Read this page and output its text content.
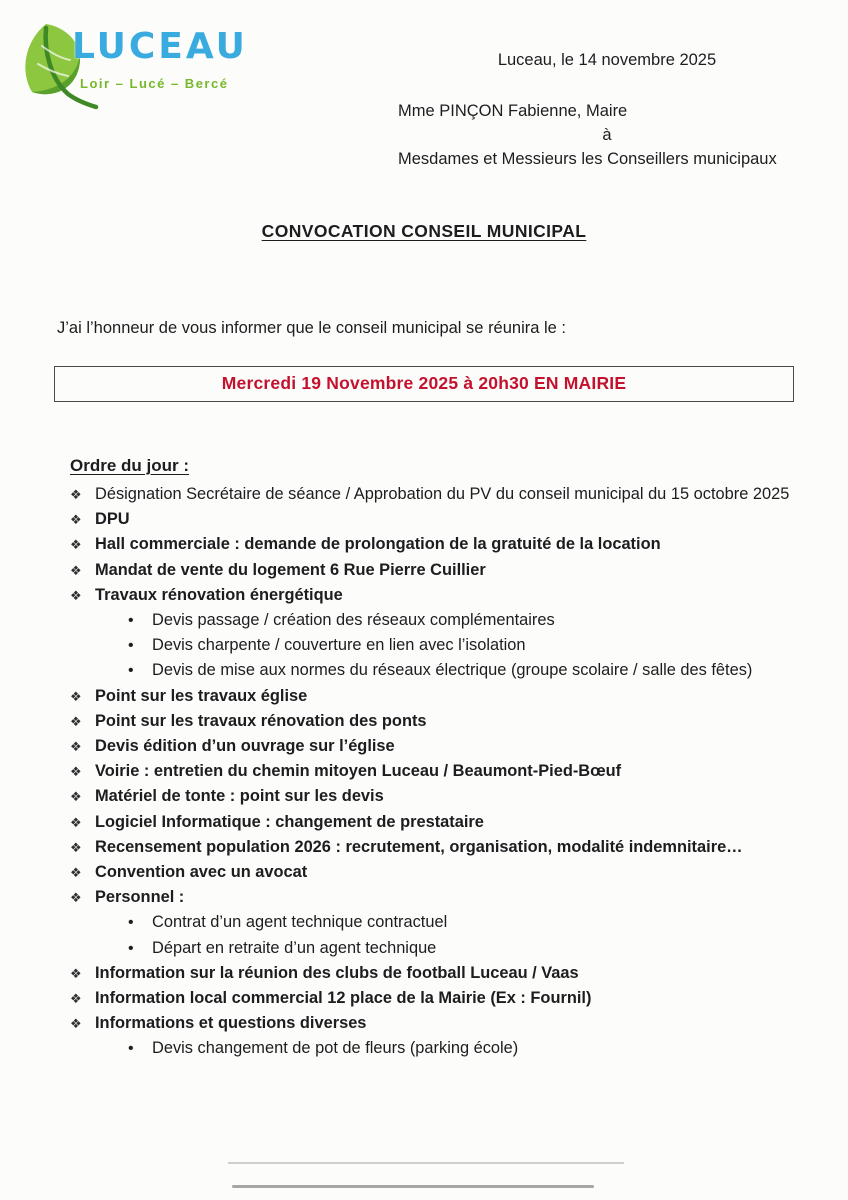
LUCEAU
Loir – Lucé – Bercé
Luceau, le 14 novembre 2025
Mme PINÇON Fabienne, Maire
à
Mesdames et Messieurs les Conseillers municipaux
CONVOCATION CONSEIL MUNICIPAL

J’ai l’honneur de vous informer que le conseil municipal se réunira le :

Mercredi 19 Novembre 2025 à 20h30 EN MAIRIE
Ordre du jour :
❖ Désignation Secrétaire de séance / Approbation du PV du conseil municipal du 15 octobre 2025
❖ DPU
❖ Hall commerciale : demande de prolongation de la gratuité de la location
❖ Mandat de vente du logement 6 Rue Pierre Cuillier
❖ Travaux rénovation énergétique
•	Devis passage / création des réseaux complémentaires
•	Devis charpente / couverture en lien avec l’isolation
•	Devis de mise aux normes du réseaux électrique (groupe scolaire / salle des fêtes)
❖ Point sur les travaux église
❖ Point sur les travaux rénovation des ponts
❖ Devis édition d’un ouvrage sur l’église
❖ Voirie : entretien du chemin mitoyen Luceau / Beaumont-Pied-Bœuf
❖ Matériel de tonte : point sur les devis
❖ Logiciel Informatique : changement de prestataire
❖ Recensement population 2026 : recrutement, organisation, modalité indemnitaire…
❖ Convention avec un avocat
❖ Personnel :
•	Contrat d’un agent technique contractuel
•	Départ en retraite d’un agent technique
❖ Information sur la réunion des clubs de football Luceau / Vaas
❖ Information local commercial 12 place de la Mairie (Ex : Fournil)
❖ Informations et questions diverses
•	Devis changement de pot de fleurs (parking école)
